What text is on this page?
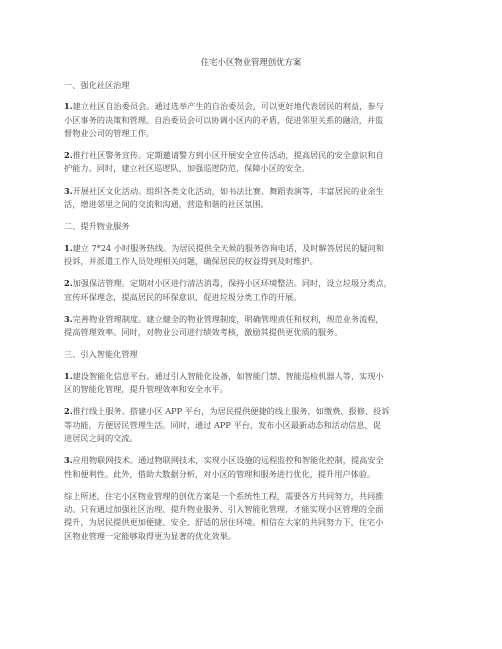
住宅小区物业管理创优方案
一、强化社区治理
1.建立社区自治委员会。通过选举产生的自治委员会，可以更好地代表居民的利益，参与
小区事务的决策和管理。自治委员会可以协调小区内的矛盾，促进邻里关系的融洽，并监
督物业公司的管理工作。
2.推行社区警务宣传。定期邀请警方到小区开展安全宣传活动，提高居民的安全意识和自
护能力。同时，建立社区巡逻队，加强巡逻防范，保障小区的安全。
3.开展社区文化活动。组织各类文化活动，如书法比赛、舞蹈表演等，丰富居民的业余生
活，增进邻里之间的交流和沟通，营造和谐的社区氛围。
二、提升物业服务
1.建立 7*24 小时服务热线。为居民提供全天候的服务咨询电话，及时解答居民的疑问和
投诉，并派遣工作人员处理相关问题，确保居民的权益得到及时维护。
2.加强保洁管理。定期对小区进行清洁消毒，保持小区环境整洁。同时，设立垃圾分类点，
宣传环保理念，提高居民的环保意识，促进垃圾分类工作的开展。
3.完善物业管理制度。建立健全的物业管理制度，明确管理责任和权利，规范业务流程，
提高管理效率。同时，对物业公司进行绩效考核，激励其提供更优质的服务。
三、引入智能化管理
1.建设智能化信息平台。通过引入智能化设备，如智能门禁、智能巡检机器人等，实现小
区的智能化管理，提升管理效率和安全水平。
2.推行线上服务。搭建小区 APP 平台，为居民提供便捷的线上服务，如缴费、报修、投诉
等功能，方便居民管理生活。同时，通过 APP 平台，发布小区最新动态和活动信息，促
进居民之间的交流。
3.应用物联网技术。通过物联网技术，实现小区设施的远程监控和智能化控制，提高安全
性和便利性。此外，借助大数据分析，对小区的管理和服务进行优化，提升用户体验。
综上所述，住宅小区物业管理的创优方案是一个系统性工程，需要各方共同努力，共同推
动。只有通过加强社区治理、提升物业服务、引入智能化管理，才能实现小区管理的全面
提升，为居民提供更加便捷、安全、舒适的居住环境。相信在大家的共同努力下，住宅小
区物业管理一定能够取得更为显著的优化效果。
